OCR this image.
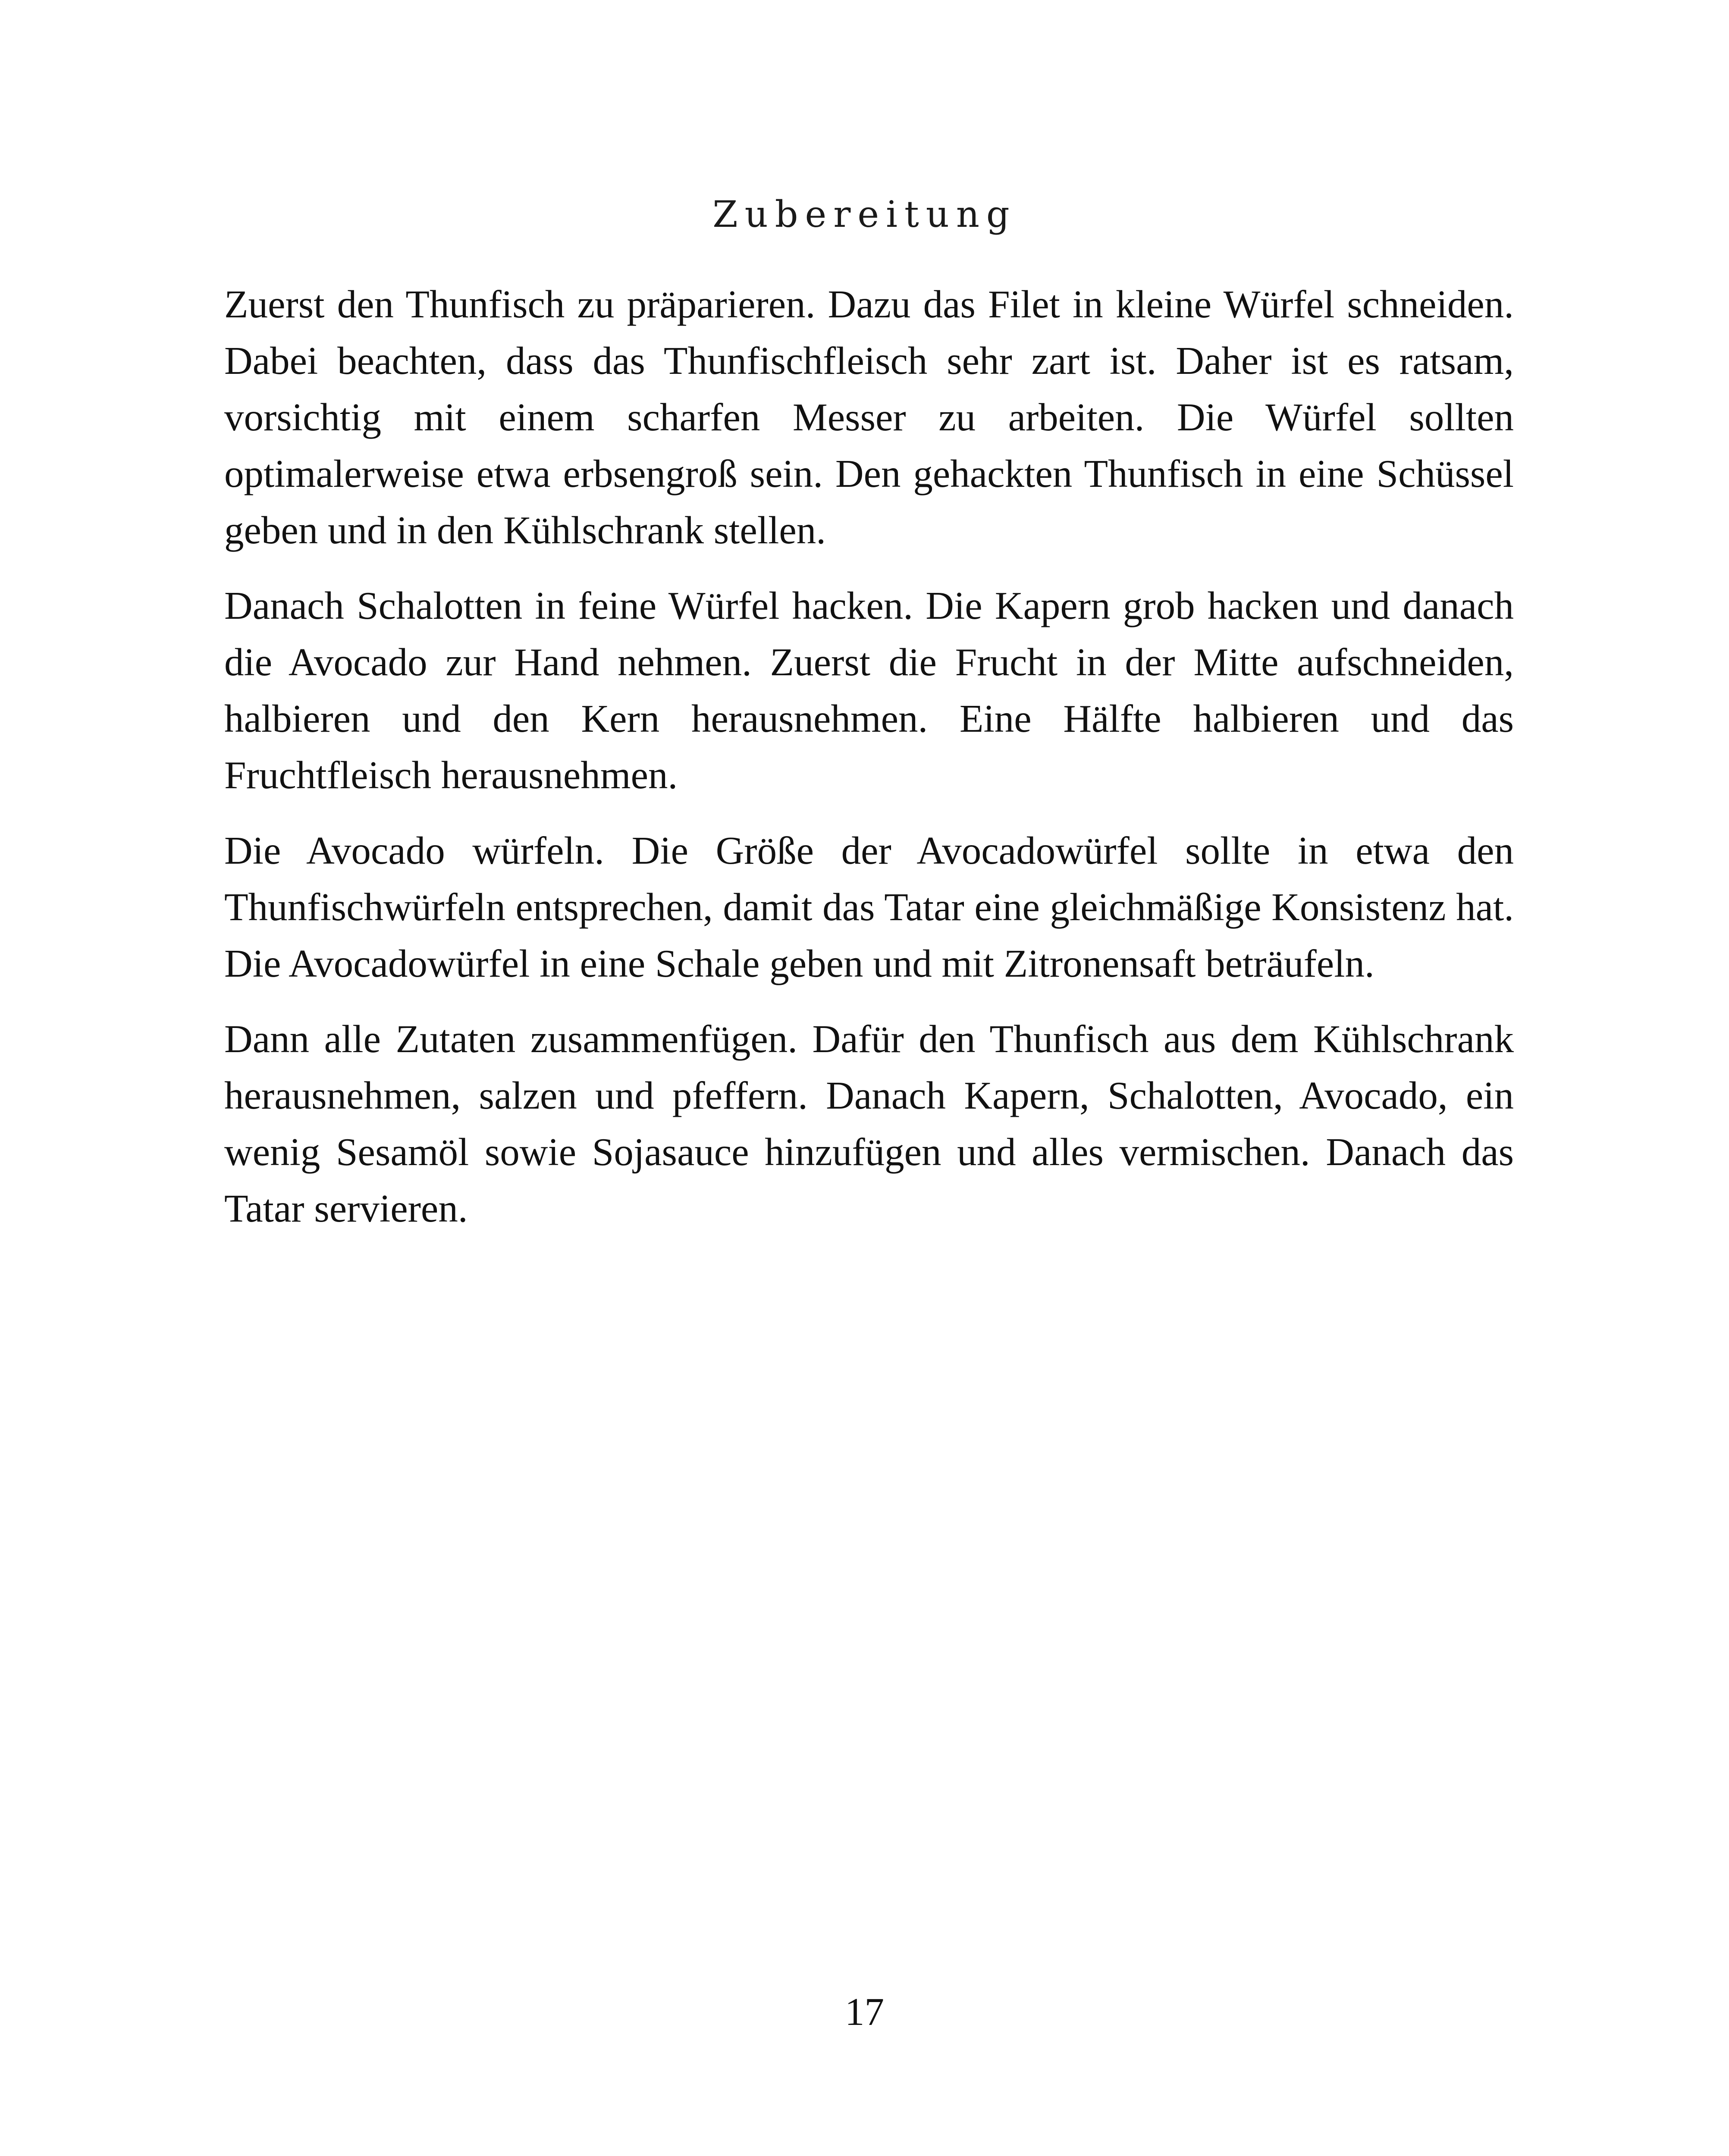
Zubereitung

Zuerst den Thunfisch zu präparieren. Dazu das Filet in kleine Würfel schneiden. Dabei beachten, dass das Thunfischfleisch sehr zart ist. Daher ist es ratsam, vorsichtig mit einem scharfen Messer zu arbeiten. Die Würfel sollten optimalerweise etwa erbsengroß sein. Den gehackten Thunfisch in eine Schüssel geben und in den Kühlschrank stellen.

Danach Schalotten in feine Würfel hacken. Die Kapern grob hacken und danach die Avocado zur Hand nehmen. Zuerst die Frucht in der Mitte aufschneiden, halbieren und den Kern herausnehmen. Eine Hälfte halbieren und das Fruchtfleisch herausnehmen.

Die Avocado würfeln. Die Größe der Avocadowürfel sollte in etwa den Thunfischwürfeln entsprechen, damit das Tatar eine gleichmäßige Konsistenz hat. Die Avocadowürfel in eine Schale geben und mit Zitronensaft beträufeln.

Dann alle Zutaten zusammenfügen. Dafür den Thunfisch aus dem Kühlschrank herausnehmen, salzen und pfeffern. Danach Kapern, Schalotten, Avocado, ein wenig Sesamöl sowie Sojasauce hinzufügen und alles vermischen. Danach das Tatar servieren.

17
